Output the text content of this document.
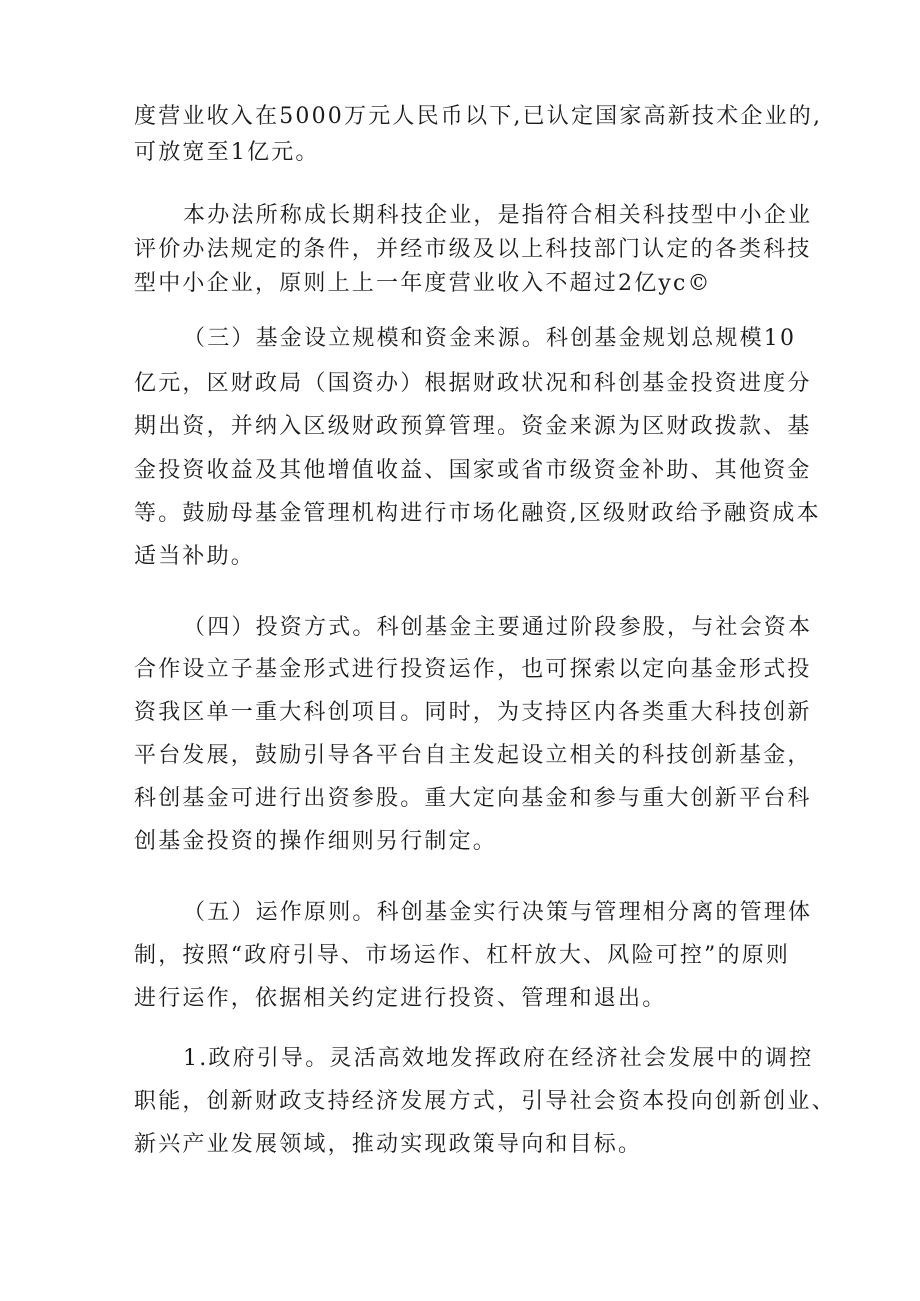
度营业收入在5000万元人民币以下,已认定国家高新技术企业的,
可放宽至1亿元。
本办法所称成长期科技企业，是指符合相关科技型中小企业
评价办法规定的条件，并经市级及以上科技部门认定的各类科技
型中小企业，原则上上一年度营业收入不超过2亿yc©
（三）基金设立规模和资金来源。科创基金规划总规模10
亿元，区财政局（国资办）根据财政状况和科创基金投资进度分
期出资，并纳入区级财政预算管理。资金来源为区财政拨款、基
金投资收益及其他增值收益、国家或省市级资金补助、其他资金
等。鼓励母基金管理机构进行市场化融资,区级财政给予融资成本
适当补助。
（四）投资方式。科创基金主要通过阶段参股，与社会资本
合作设立子基金形式进行投资运作，也可探索以定向基金形式投
资我区单一重大科创项目。同时，为支持区内各类重大科技创新
平台发展，鼓励引导各平台自主发起设立相关的科技创新基金，
科创基金可进行出资参股。重大定向基金和参与重大创新平台科
创基金投资的操作细则另行制定。
（五）运作原则。科创基金实行决策与管理相分离的管理体
制，按照“政府引导、市场运作、杠杆放大、风险可控”的原则
进行运作，依据相关约定进行投资、管理和退出。
1.政府引导。灵活高效地发挥政府在经济社会发展中的调控
职能，创新财政支持经济发展方式，引导社会资本投向创新创业、
新兴产业发展领域，推动实现政策导向和目标。
